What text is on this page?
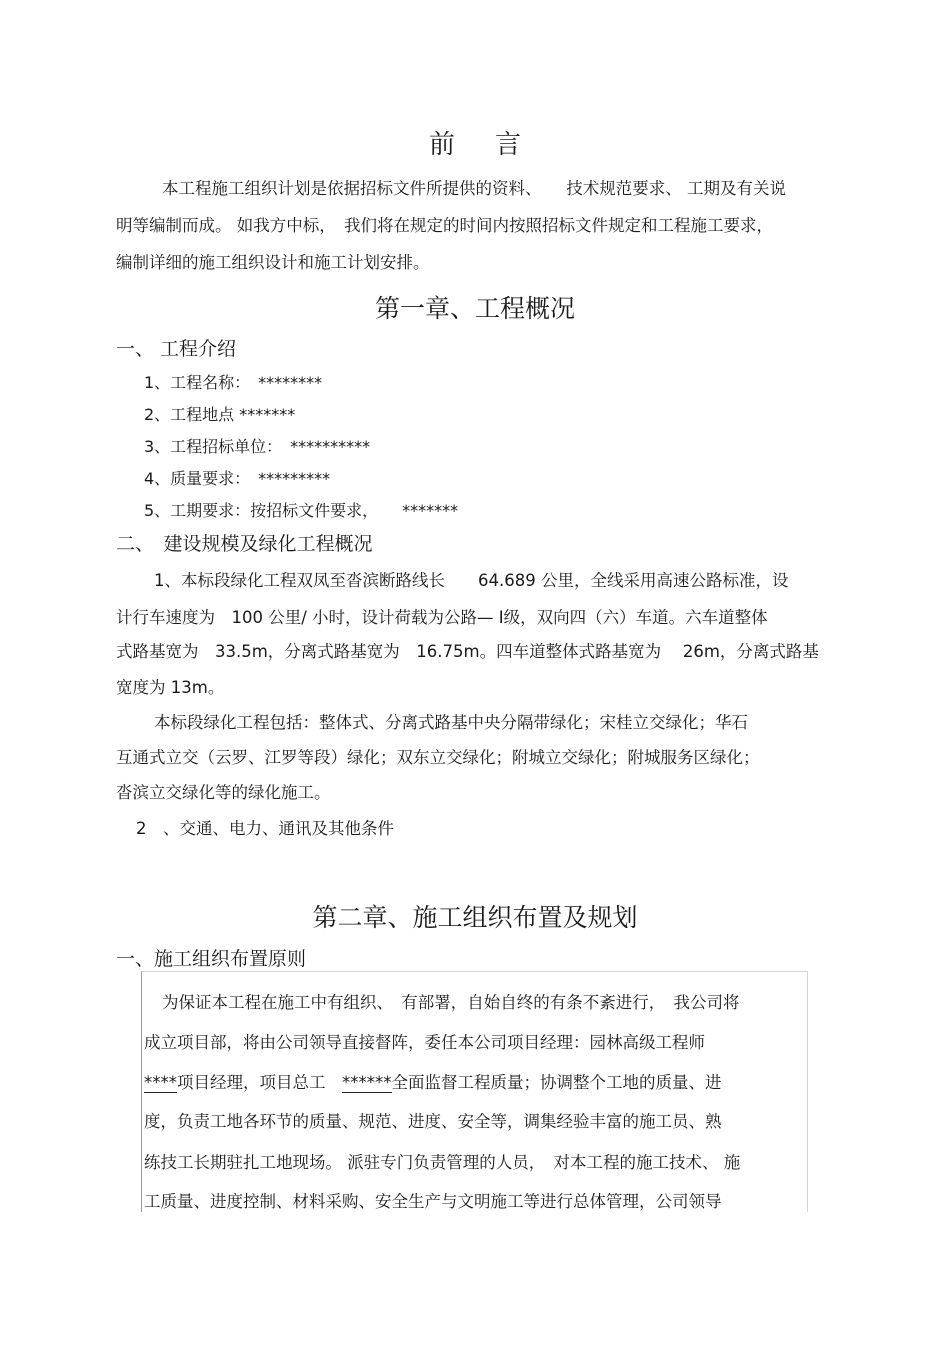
前言
本工程施工组织计划是依据招标文件所提供的资料、　　技术规范要求、 工期及有关说
明等编制而成。 如我方中标，　我们将在规定的时间内按照招标文件规定和工程施工要求，
编制详细的施工组织设计和施工计划安排。
第一章、工程概况
一、 工程介绍
1、工程名称：　********
2、工程地点 *******
3、工程招标单位：　**********
4、质量要求：　*********
5、工期要求：按招标文件要求，　　*******
二、　建设规模及绿化工程概况
1、本标段绿化工程双凤至沓滨断路线长　　64.689 公里，全线采用高速公路标准，设
计行车速度为　100 公里/ 小时，设计荷载为公路— Ⅰ级，双向四（六）车道。六车道整体
式路基宽为　33.5m，分离式路基宽为　16.75m。四车道整体式路基宽为　 26m，分离式路基
宽度为 13m。
本标段绿化工程包括：整体式、分离式路基中央分隔带绿化；宋桂立交绿化；华石
互通式立交（云罗、江罗等段）绿化；双东立交绿化；附城立交绿化；附城服务区绿化；
沓滨立交绿化等的绿化施工。
2　、交通、电力、通讯及其他条件
第二章、施工组织布置及规划
一、施工组织布置原则
为保证本工程在施工中有组织、　有部署，自始自终的有条不紊进行，　我公司将
成立项目部，将由公司领导直接督阵，委任本公司项目经理：园林高级工程师
****项目经理，项目总工　******全面监督工程质量；协调整个工地的质量、进
度，负责工地各环节的质量、规范、进度、安全等，调集经验丰富的施工员、熟
练技工长期驻扎工地现场。 派驻专门负责管理的人员，　对本工程的施工技术、 施
工质量、进度控制、材料采购、安全生产与文明施工等进行总体管理，公司领导
